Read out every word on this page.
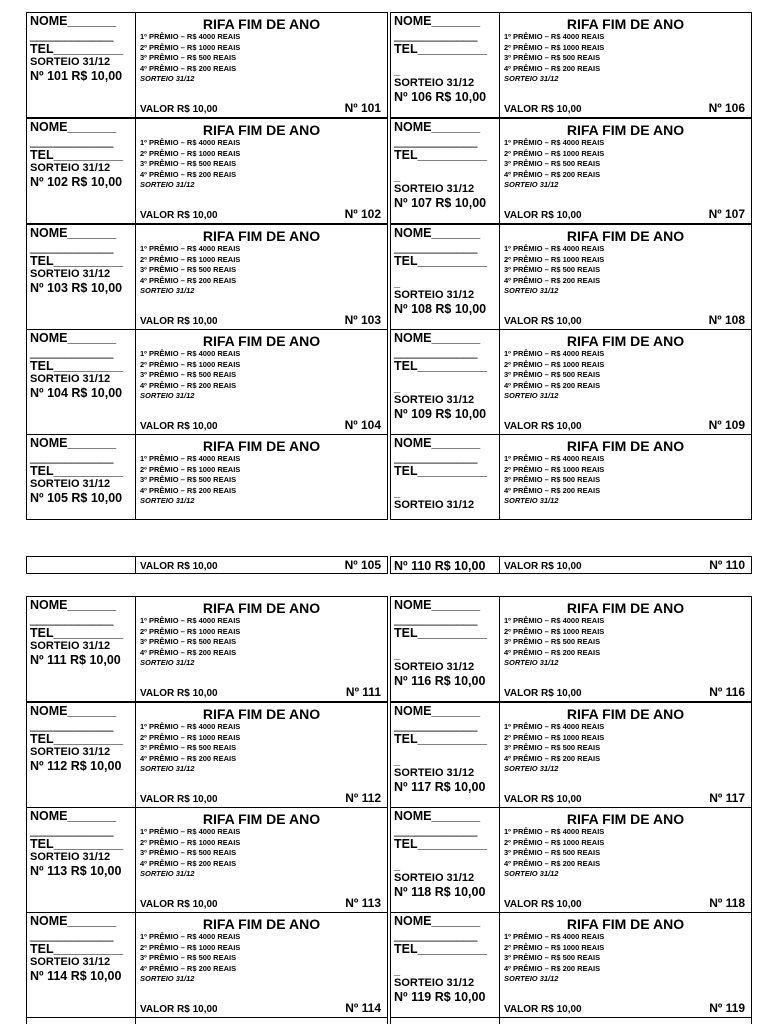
NOME_______
____________
TEL__________
SORTEIO 31/12
Nº 101 R$ 10,00
RIFA FIM DE ANO
1º PRÊMIO – R$ 4000 REAIS
2º PRÊMIO – R$ 1000 REAIS
3º PRÊMIO – R$ 500 REAIS
4º PRÊMIO – R$ 200 REAIS
SORTEIO 31/12
VALOR R$ 10,00	Nº 101
NOME_______
____________
TEL__________
_
SORTEIO 31/12
Nº 106 R$ 10,00
RIFA FIM DE ANO
1º PRÊMIO – R$ 4000 REAIS
2º PRÊMIO – R$ 1000 REAIS
3º PRÊMIO – R$ 500 REAIS
4º PRÊMIO – R$ 200 REAIS
SORTEIO 31/12
VALOR R$ 10,00	Nº 106
NOME_______
____________
TEL__________
SORTEIO 31/12
Nº 102 R$ 10,00
RIFA FIM DE ANO
1º PRÊMIO – R$ 4000 REAIS
2º PRÊMIO – R$ 1000 REAIS
3º PRÊMIO – R$ 500 REAIS
4º PRÊMIO – R$ 200 REAIS
SORTEIO 31/12
VALOR R$ 10,00	Nº 102
NOME_______
____________
TEL__________
_
SORTEIO 31/12
Nº 107 R$ 10,00
RIFA FIM DE ANO
1º PRÊMIO – R$ 4000 REAIS
2º PRÊMIO – R$ 1000 REAIS
3º PRÊMIO – R$ 500 REAIS
4º PRÊMIO – R$ 200 REAIS
SORTEIO 31/12
VALOR R$ 10,00	Nº 107
NOME_______
____________
TEL__________
SORTEIO 31/12
Nº 103 R$ 10,00
RIFA FIM DE ANO
1º PRÊMIO – R$ 4000 REAIS
2º PRÊMIO – R$ 1000 REAIS
3º PRÊMIO – R$ 500 REAIS
4º PRÊMIO – R$ 200 REAIS
SORTEIO 31/12
VALOR R$ 10,00	Nº 103
NOME_______
____________
TEL__________
_
SORTEIO 31/12
Nº 108 R$ 10,00
RIFA FIM DE ANO
1º PRÊMIO – R$ 4000 REAIS
2º PRÊMIO – R$ 1000 REAIS
3º PRÊMIO – R$ 500 REAIS
4º PRÊMIO – R$ 200 REAIS
SORTEIO 31/12
VALOR R$ 10,00	Nº 108
NOME_______
____________
TEL__________
SORTEIO 31/12
Nº 104 R$ 10,00
RIFA FIM DE ANO
1º PRÊMIO – R$ 4000 REAIS
2º PRÊMIO – R$ 1000 REAIS
3º PRÊMIO – R$ 500 REAIS
4º PRÊMIO – R$ 200 REAIS
SORTEIO 31/12
VALOR R$ 10,00	Nº 104
NOME_______
____________
TEL__________
_
SORTEIO 31/12
Nº 109 R$ 10,00
RIFA FIM DE ANO
1º PRÊMIO – R$ 4000 REAIS
2º PRÊMIO – R$ 1000 REAIS
3º PRÊMIO – R$ 500 REAIS
4º PRÊMIO – R$ 200 REAIS
SORTEIO 31/12
VALOR R$ 10,00	Nº 109
NOME_______
____________
TEL__________
SORTEIO 31/12
Nº 105 R$ 10,00
RIFA FIM DE ANO
1º PRÊMIO – R$ 4000 REAIS
2º PRÊMIO – R$ 1000 REAIS
3º PRÊMIO – R$ 500 REAIS
4º PRÊMIO – R$ 200 REAIS
SORTEIO 31/12
NOME_______
____________
TEL__________
_
SORTEIO 31/12
RIFA FIM DE ANO
1º PRÊMIO – R$ 4000 REAIS
2º PRÊMIO – R$ 1000 REAIS
3º PRÊMIO – R$ 500 REAIS
4º PRÊMIO – R$ 200 REAIS
SORTEIO 31/12
VALOR R$ 10,00	Nº 105 Nº 110 R$ 10,00	VALOR R$ 10,00	Nº 110
NOME_______
____________
TEL__________
SORTEIO 31/12
Nº 111 R$ 10,00
RIFA FIM DE ANO
1º PRÊMIO – R$ 4000 REAIS
2º PRÊMIO – R$ 1000 REAIS
3º PRÊMIO – R$ 500 REAIS
4º PRÊMIO – R$ 200 REAIS
SORTEIO 31/12
VALOR R$ 10,00	Nº 111
NOME_______
____________
TEL__________
_
SORTEIO 31/12
Nº 116 R$ 10,00
RIFA FIM DE ANO
1º PRÊMIO – R$ 4000 REAIS
2º PRÊMIO – R$ 1000 REAIS
3º PRÊMIO – R$ 500 REAIS
4º PRÊMIO – R$ 200 REAIS
SORTEIO 31/12
VALOR R$ 10,00	Nº 116
NOME_______
____________
TEL__________
SORTEIO 31/12
Nº 112 R$ 10,00
RIFA FIM DE ANO
1º PRÊMIO – R$ 4000 REAIS
2º PRÊMIO – R$ 1000 REAIS
3º PRÊMIO – R$ 500 REAIS
4º PRÊMIO – R$ 200 REAIS
SORTEIO 31/12
VALOR R$ 10,00	Nº 112
NOME_______
____________
TEL__________
_
SORTEIO 31/12
Nº 117 R$ 10,00
RIFA FIM DE ANO
1º PRÊMIO – R$ 4000 REAIS
2º PRÊMIO – R$ 1000 REAIS
3º PRÊMIO – R$ 500 REAIS
4º PRÊMIO – R$ 200 REAIS
SORTEIO 31/12
VALOR R$ 10,00	Nº 117
NOME_______
____________
TEL__________
SORTEIO 31/12
Nº 113 R$ 10,00
RIFA FIM DE ANO
1º PRÊMIO – R$ 4000 REAIS
2º PRÊMIO – R$ 1000 REAIS
3º PRÊMIO – R$ 500 REAIS
4º PRÊMIO – R$ 200 REAIS
SORTEIO 31/12
VALOR R$ 10,00	Nº 113
NOME_______
____________
TEL__________
_
SORTEIO 31/12
Nº 118 R$ 10,00
RIFA FIM DE ANO
1º PRÊMIO – R$ 4000 REAIS
2º PRÊMIO – R$ 1000 REAIS
3º PRÊMIO – R$ 500 REAIS
4º PRÊMIO – R$ 200 REAIS
SORTEIO 31/12
VALOR R$ 10,00	Nº 118
NOME_______
____________
TEL__________
SORTEIO 31/12
Nº 114 R$ 10,00
RIFA FIM DE ANO
1º PRÊMIO – R$ 4000 REAIS
2º PRÊMIO – R$ 1000 REAIS
3º PRÊMIO – R$ 500 REAIS
4º PRÊMIO – R$ 200 REAIS
SORTEIO 31/12
VALOR R$ 10,00	Nº 114
NOME_______
____________
TEL__________
_
SORTEIO 31/12
Nº 119 R$ 10,00
RIFA FIM DE ANO
1º PRÊMIO – R$ 4000 REAIS
2º PRÊMIO – R$ 1000 REAIS
3º PRÊMIO – R$ 500 REAIS
4º PRÊMIO – R$ 200 REAIS
SORTEIO 31/12
VALOR R$ 10,00	Nº 119
